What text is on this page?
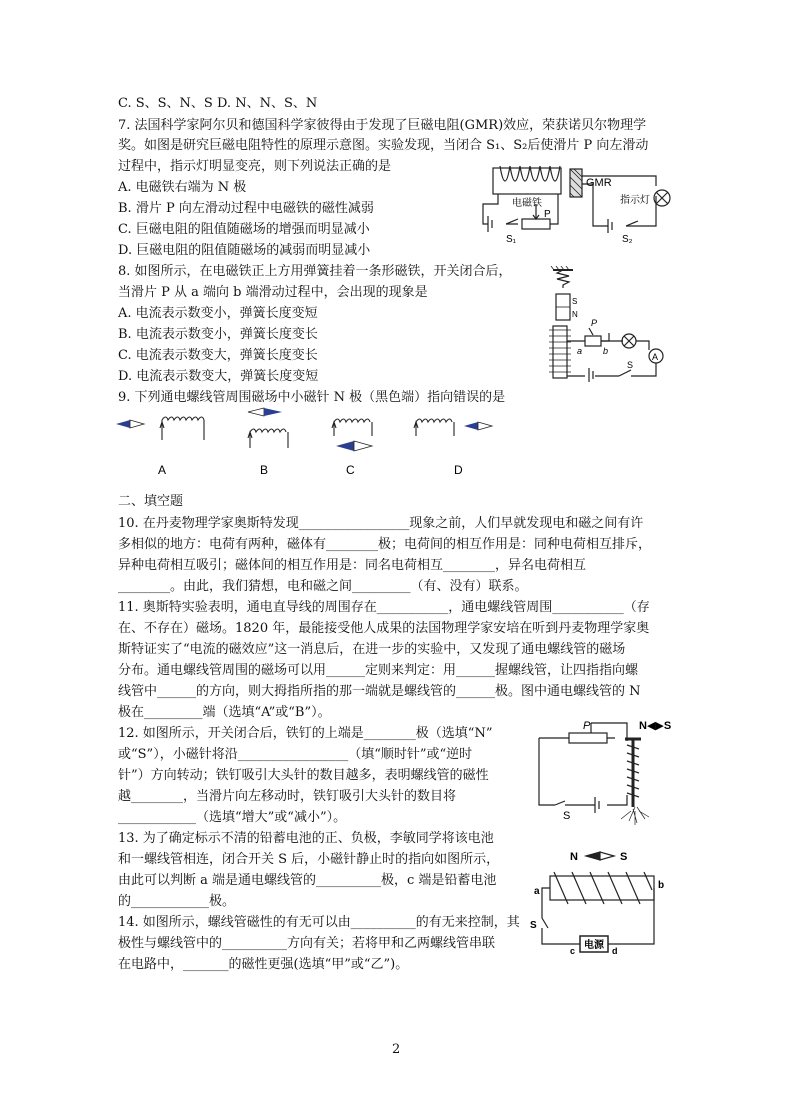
C. S、S、N、S D. N、N、S、N
7. 法国科学家阿尔贝和德国科学家彼得由于发现了巨磁电阻(GMR)效应，荣获诺贝尔物理学
奖。如图是研究巨磁电阻特性的原理示意图。实验发现，当闭合 S₁、S₂后使滑片 P 向左滑动
过程中，指示灯明显变亮，则下列说法正确的是
A. 电磁铁右端为 N 极
B. 滑片 P 向左滑动过程中电磁铁的磁性减弱
C. 巨磁电阻的阻值随磁场的增强而明显减小
D. 巨磁电阻的阻值随磁场的减弱而明显减小
8. 如图所示，在电磁铁正上方用弹簧挂着一条形磁铁，开关闭合后，
当滑片 P 从 a 端向 b 端滑动过程中，会出现的现象是
A. 电流表示数变小，弹簧长度变短
B. 电流表示数变小，弹簧长度变长
C. 电流表示数变大，弹簧长度变长
D. 电流表示数变大，弹簧长度变短
9. 下列通电螺线管周围磁场中小磁针 N 极（黑色端）指向错误的是
二、填空题
10. 在丹麦物理学家奥斯特发现_________________现象之前，人们早就发现电和磁之间有许
多相似的地方：电荷有两种，磁体有________极；电荷间的相互作用是：同种电荷相互排斥，
异种电荷相互吸引；磁体间的相互作用是：同名电荷相互________，异名电荷相互
________。由此，我们猜想，电和磁之间_________（有、没有）联系。
11. 奥斯特实验表明，通电直导线的周围存在___________，通电螺线管周围___________（存
在、不存在）磁场。1820 年，最能接受他人成果的法国物理学家安培在听到丹麦物理学家奥
斯特证实了“电流的磁效应”这一消息后，在进一步的实验中，又发现了通电螺线管的磁场
分布。通电螺线管周围的磁场可以用______定则来判定：用______握螺线管，让四指指向螺
线管中______的方向，则大拇指所指的那一端就是螺线管的______极。图中通电螺线管的 N
极在_________端（选填“A”或“B”）。
12. 如图所示，开关闭合后，铁钉的上端是________极（选填“N”
或“S”），小磁针将沿_________________（填“顺时针”或“逆时
针”）方向转动；铁钉吸引大头针的数目越多，表明螺线管的磁性
越________，当滑片向左移动时，铁钉吸引大头针的数目将
____________（选填“增大”或“减小”）。
13. 为了确定标示不清的铅蓄电池的正、负极，李敏同学将该电池
和一螺线管相连，闭合开关 S 后，小磁针静止时的指向如图所示，
由此可以判断 a 端是通电螺线管的__________极，c 端是铅蓄电池
的____________极。
14. 如图所示，螺线管磁性的有无可以由__________的有无来控制，其
极性与螺线管中的__________方向有关；若将甲和乙两螺线管串联
在电路中，_______的磁性更强(选填“甲”或“乙”)。
GMR
电磁铁	指示灯
P
S₁	S₂
S
N
P
a b
S
A
A	B	C	D
P	N◀▶S
S
N	S
a
b
S
c	d
电源
2
